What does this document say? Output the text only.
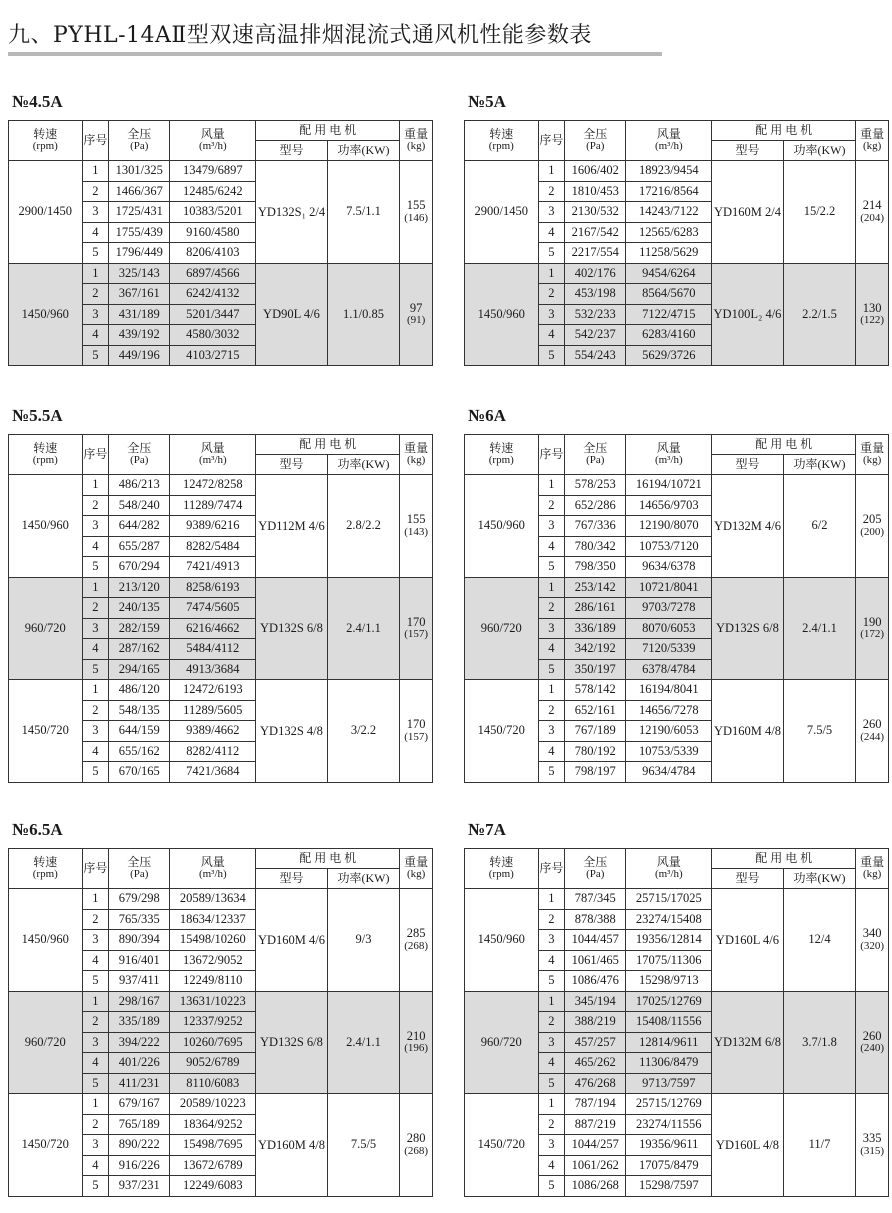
九、PYHL-14AⅡ型双速高温排烟混流式通风机性能参数表
№4.5A
转速
(rpm)	序号	全压
(Pa)	风量
(m³/h)	配 用 电 机		重量
(kg)

				型号	功率(KW)	
2900/1450	1	1301/325	13479/6897	YD132S₁ 2/4	7.5/1.1	155
(146)

	2	1466/367	12485/6242			
	3	1725/431	10383/5201			
	4	1755/439	9160/4580			
	5	1796/449	8206/4103			
1450/960	1	325/143	6897/4566	YD90L 4/6	1.1/0.85	97
(91)

	2	367/161	6242/4132			
	3	431/189	5201/3447			
	4	439/192	4580/3032			
	5	449/196	4103/2715			
№5A
转速
(rpm)	序号	全压
(Pa)	风量
(m³/h)	配 用 电 机		重量
(kg)

				型号	功率(KW)	
2900/1450	1	1606/402	18923/9454	YD160M 2/4	15/2.2	214
(204)

	2	1810/453	17216/8564			
	3	2130/532	14243/7122			
	4	2167/542	12565/6283			
	5	2217/554	11258/5629			
1450/960	1	402/176	9454/6264	YD100L₂ 4/6	2.2/1.5	130
(122)

	2	453/198	8564/5670			
	3	532/233	7122/4715			
	4	542/237	6283/4160			
	5	554/243	5629/3726			
№5.5A
转速
(rpm)	序号	全压
(Pa)	风量
(m³/h)	配 用 电 机		重量
(kg)

				型号	功率(KW)	
1450/960	1	486/213	12472/8258	YD112M 4/6	2.8/2.2	155
(143)

	2	548/240	11289/7474			
	3	644/282	9389/6216			
	4	655/287	8282/5484			
	5	670/294	7421/4913			
960/720	1	213/120	8258/6193	YD132S 6/8	2.4/1.1	170
(157)

	2	240/135	7474/5605			
	3	282/159	6216/4662			
	4	287/162	5484/4112			
	5	294/165	4913/3684			
1450/720	1	486/120	12472/6193	YD132S 4/8	3/2.2	170
(157)

	2	548/135	11289/5605			
	3	644/159	9389/4662			
	4	655/162	8282/4112			
	5	670/165	7421/3684			
№6A
转速
(rpm)	序号	全压
(Pa)	风量
(m³/h)	配 用 电 机		重量
(kg)

				型号	功率(KW)	
1450/960	1	578/253	16194/10721	YD132M 4/6	6/2	205
(200)

	2	652/286	14656/9703			
	3	767/336	12190/8070			
	4	780/342	10753/7120			
	5	798/350	9634/6378			
960/720	1	253/142	10721/8041	YD132S 6/8	2.4/1.1	190
(172)

	2	286/161	9703/7278			
	3	336/189	8070/6053			
	4	342/192	7120/5339			
	5	350/197	6378/4784			
1450/720	1	578/142	16194/8041	YD160M 4/8	7.5/5	260
(244)

	2	652/161	14656/7278			
	3	767/189	12190/6053			
	4	780/192	10753/5339			
	5	798/197	9634/4784			
№6.5A
转速
(rpm)	序号	全压
(Pa)	风量
(m³/h)	配 用 电 机		重量
(kg)

				型号	功率(KW)	
1450/960	1	679/298	20589/13634	YD160M 4/6	9/3	285
(268)

	2	765/335	18634/12337			
	3	890/394	15498/10260			
	4	916/401	13672/9052			
	5	937/411	12249/8110			
960/720	1	298/167	13631/10223	YD132S 6/8	2.4/1.1	210
(196)

	2	335/189	12337/9252			
	3	394/222	10260/7695			
	4	401/226	9052/6789			
	5	411/231	8110/6083			
1450/720	1	679/167	20589/10223	YD160M 4/8	7.5/5	280
(268)

	2	765/189	18364/9252			
	3	890/222	15498/7695			
	4	916/226	13672/6789			
	5	937/231	12249/6083			
№7A
转速
(rpm)	序号	全压
(Pa)	风量
(m³/h)	配 用 电 机		重量
(kg)

				型号	功率(KW)	
1450/960	1	787/345	25715/17025	YD160L 4/6	12/4	340
(320)

	2	878/388	23274/15408			
	3	1044/457	19356/12814			
	4	1061/465	17075/11306			
	5	1086/476	15298/9713			
960/720	1	345/194	17025/12769	YD132M 6/8	3.7/1.8	260
(240)

	2	388/219	15408/11556			
	3	457/257	12814/9611			
	4	465/262	11306/8479			
	5	476/268	9713/7597			
1450/720	1	787/194	25715/12769	YD160L 4/8	11/7	335
(315)

	2	887/219	23274/11556			
	3	1044/257	19356/9611			
	4	1061/262	17075/8479			
	5	1086/268	15298/7597			
